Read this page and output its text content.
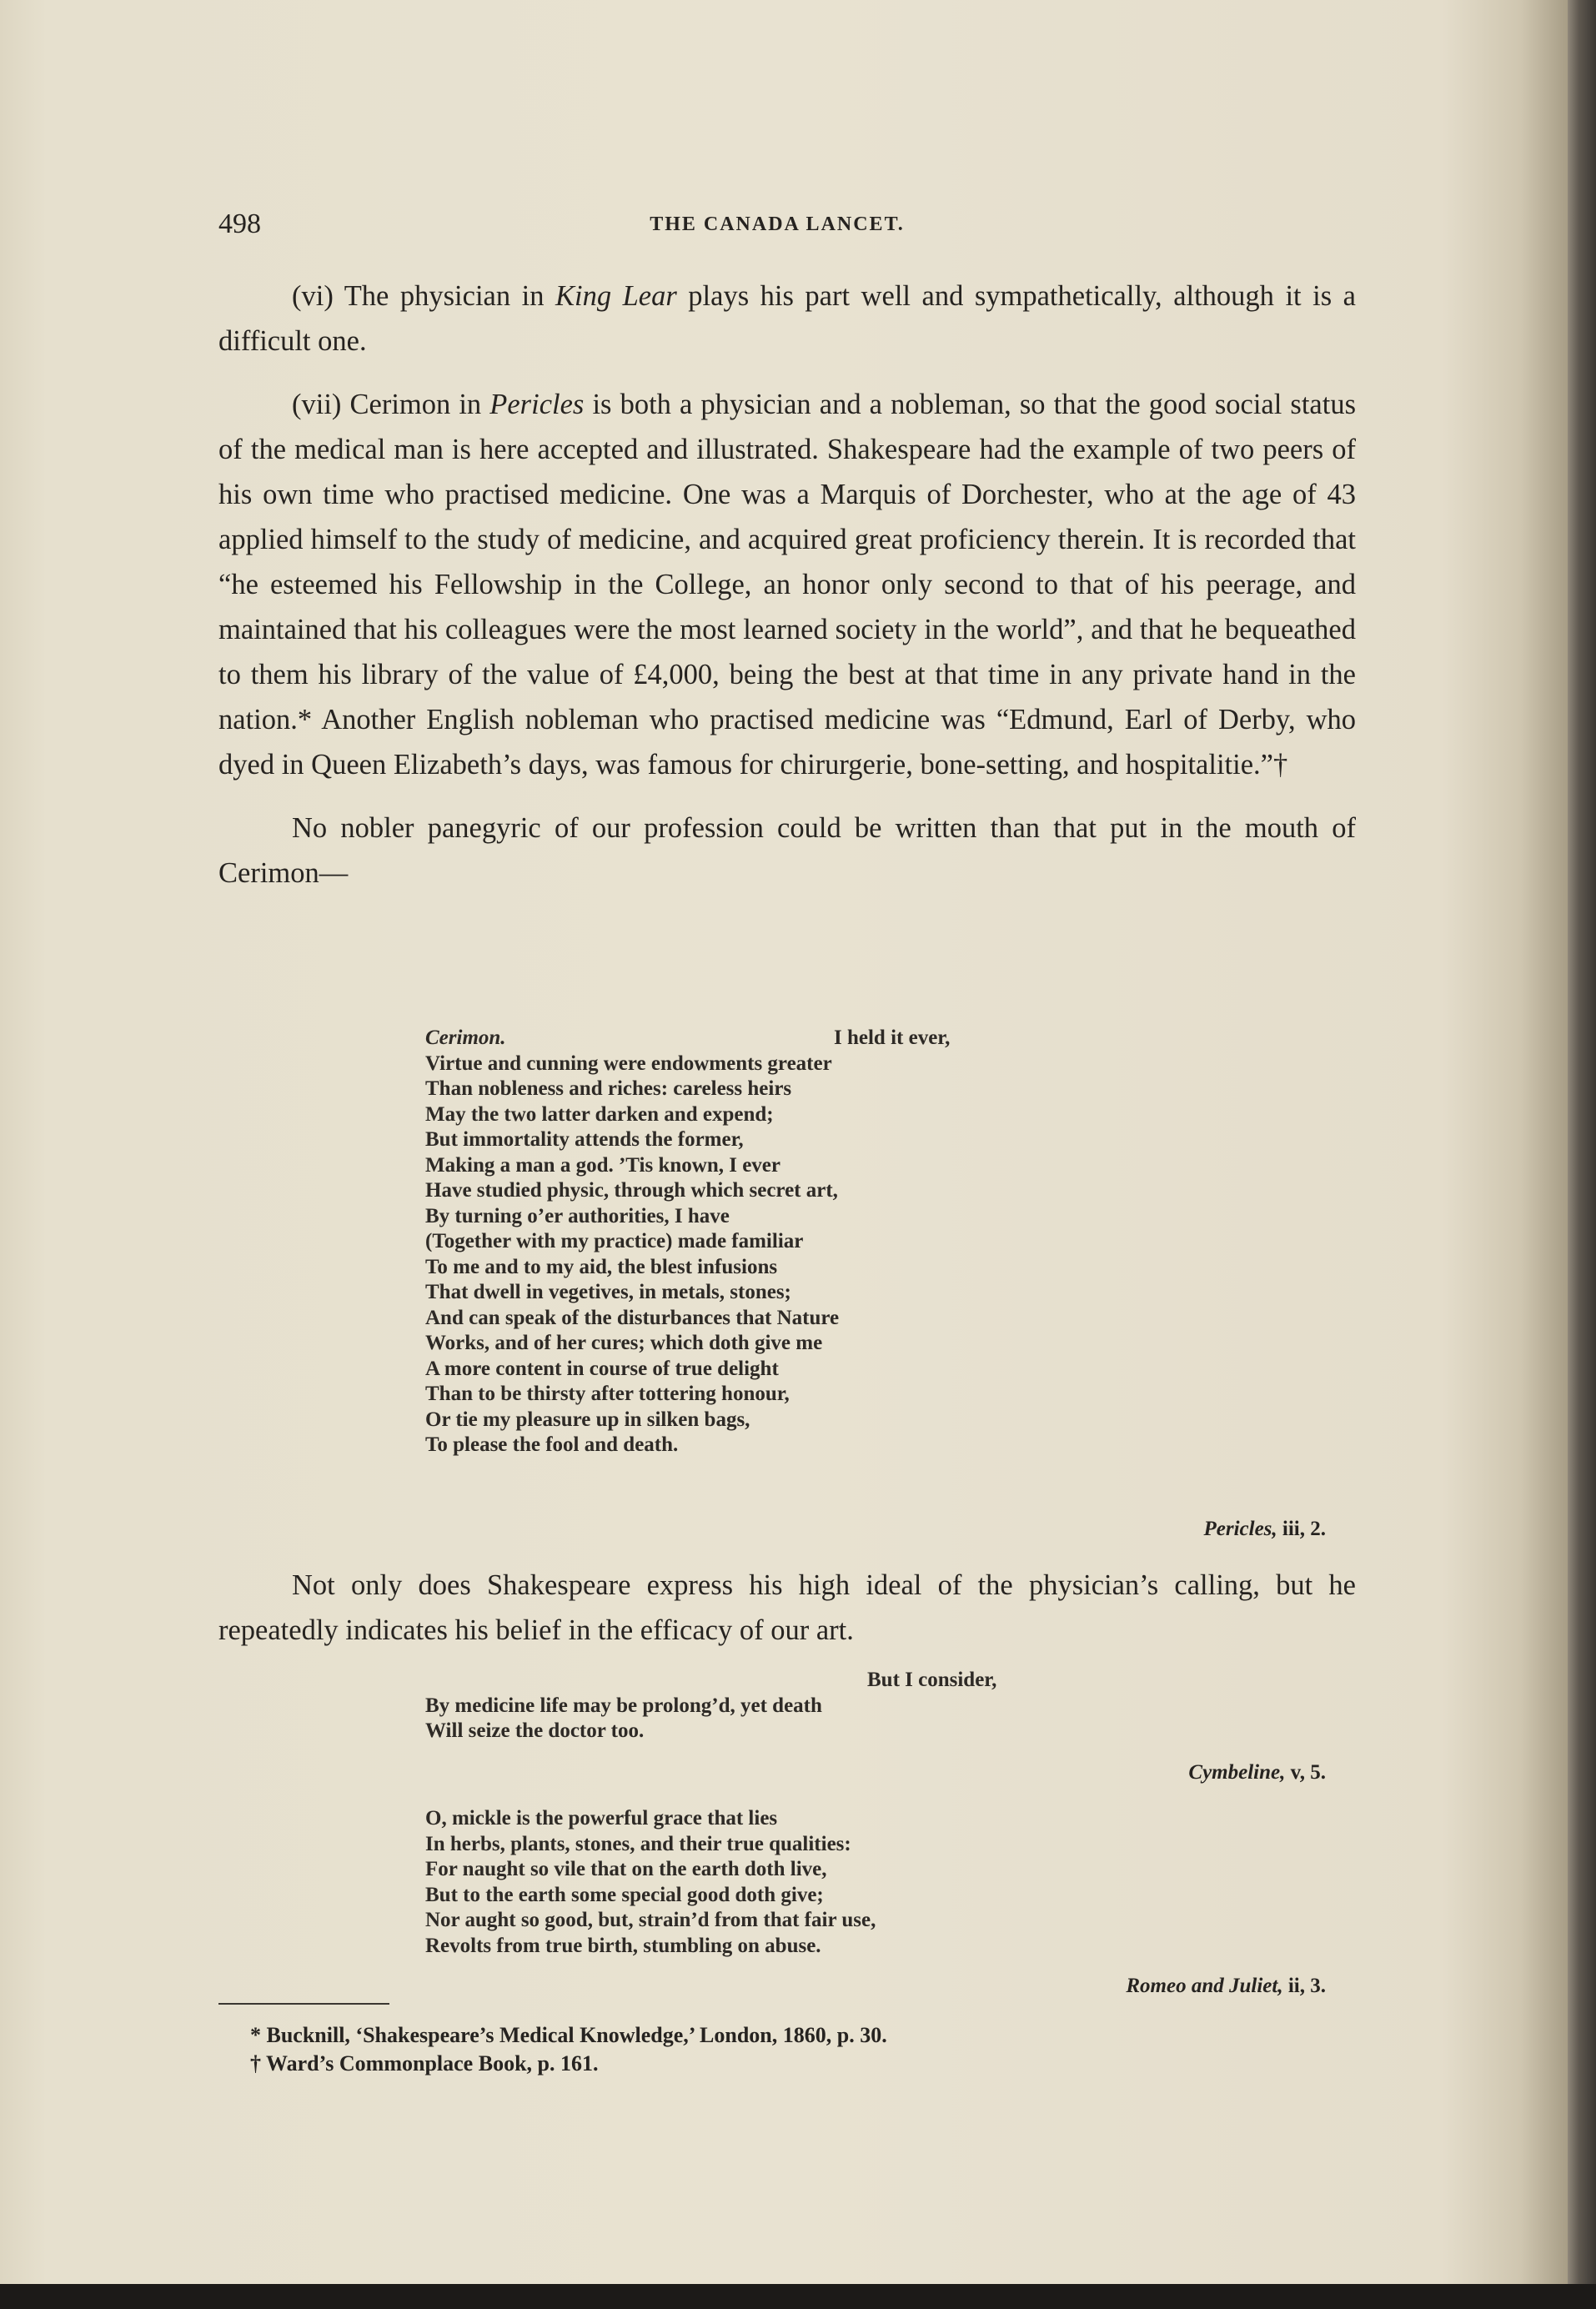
498	THE CANADA LANCET.

(vi) The physician in King Lear plays his part well and sympathetically, although it is a difficult one.

(vii) Cerimon in Pericles is both a physician and a nobleman, so that the good social status of the medical man is here accepted and illustrated. Shakespeare had the example of two peers of his own time who practised medicine. One was a Marquis of Dorchester, who at the age of 43 applied himself to the study of medicine, and acquired great proficiency therein. It is recorded that “he esteemed his Fellowship in the College, an honor only second to that of his peerage, and maintained that his colleagues were the most learned society in the world”, and that he bequeathed to them his library of the value of £4,000, being the best at that time in any private hand in the nation.* Another English nobleman who practised medicine was “Edmund, Earl of Derby, who dyed in Queen Elizabeth’s days, was famous for chirurgerie, bone-setting, and hospitalitie.”†

No nobler panegyric of our profession could be written than that put in the mouth of Cerimon—

Cerimon.	I held it ever,
Virtue and cunning were endowments greater
Than nobleness and riches: careless heirs
May the two latter darken and expend;
But immortality attends the former,
Making a man a god. ’Tis known, I ever
Have studied physic, through which secret art,
By turning o’er authorities, I have
(Together with my practice) made familiar
To me and to my aid, the blest infusions
That dwell in vegetives, in metals, stones;
And can speak of the disturbances that Nature
Works, and of her cures; which doth give me
A more content in course of true delight
Than to be thirsty after tottering honour,
Or tie my pleasure up in silken bags,
To please the fool and death.
Pericles, iii, 2.

Not only does Shakespeare express his high ideal of the physician’s calling, but he repeatedly indicates his belief in the efficacy of our art.

But I consider,
By medicine life may be prolong’d, yet death
Will seize the doctor too.
Cymbeline, v, 5.
O, mickle is the powerful grace that lies
In herbs, plants, stones, and their true qualities:
For naught so vile that on the earth doth live,
But to the earth some special good doth give;
Nor aught so good, but, strain’d from that fair use,
Revolts from true birth, stumbling on abuse.
Romeo and Juliet, ii, 3.
* Bucknill, ‘Shakespeare’s Medical Knowledge,’ London, 1860, p. 30.
† Ward’s Commonplace Book, p. 161.
